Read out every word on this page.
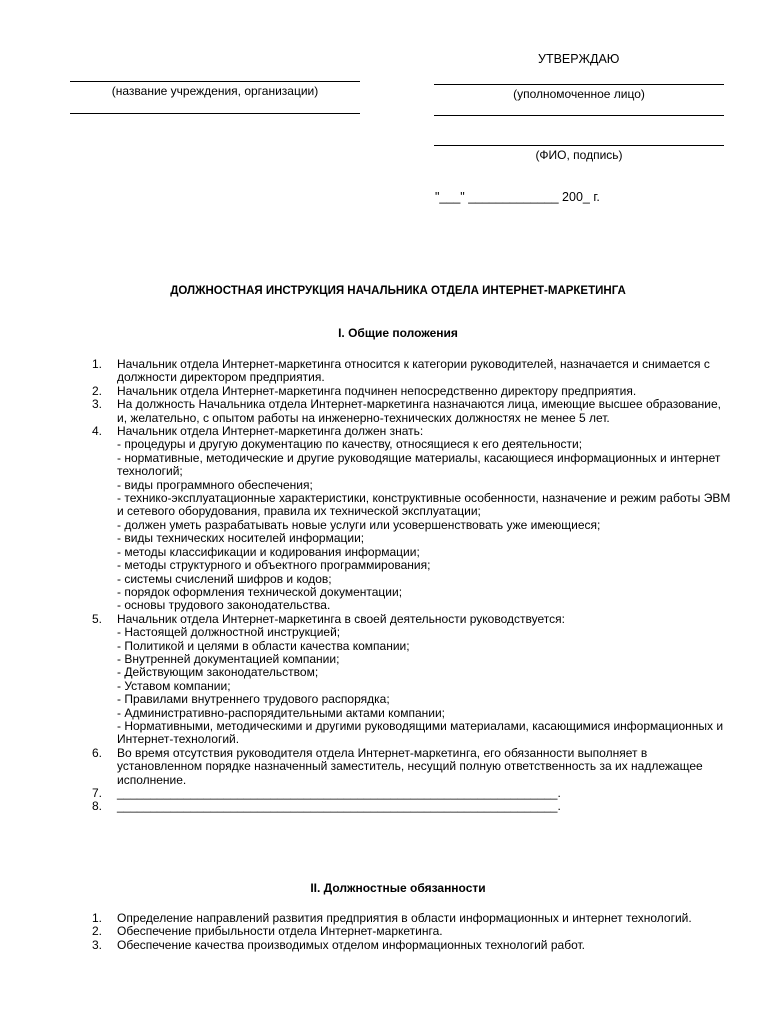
УТВЕРЖДАЮ
(название учреждения, организации)	(уполномоченное лицо)
(ФИО, подпись)
"___" _____________ 200_ г.
ДОЛЖНОСТНАЯ ИНСТРУКЦИЯ НАЧАЛЬНИКА ОТДЕЛА ИНТЕРНЕТ-МАРКЕТИНГА
I. Общие положения
1.	Начальник отдела Интернет-маркетинга относится к категории руководителей, назначается и снимается с должности директором предприятия.
2.	Начальник отдела Интернет-маркетинга подчинен непосредственно директору предприятия.
3.	На должность Начальника отдела Интернет-маркетинга назначаются лица, имеющие высшее образование, и, желательно, с опытом работы на инженерно-технических должностях не менее 5 лет.
4.	Начальник отдела Интернет-маркетинга должен знать:
- процедуры и другую документацию по качеству, относящиеся к его деятельности;
- нормативные, методические и другие руководящие материалы, касающиеся информационных и интернет технологий;
- виды программного обеспечения;
- технико-эксплуатационные характеристики, конструктивные особенности, назначение и режим работы ЭВМ и сетевого оборудования, правила их технической эксплуатации;
- должен уметь разрабатывать новые услуги или усовершенствовать уже имеющиеся;
- виды технических носителей информации;
- методы классификации и кодирования информации;
- методы структурного и объектного программирования;
- системы счислений шифров и кодов;
- порядок оформления технической документации;
- основы трудового законодательства.
5.	Начальник отдела Интернет-маркетинга в своей деятельности руководствуется:
- Настоящей должностной инструкцией;
- Политикой и целями в области качества компании;
- Внутренней документацией компании;
- Действующим законодательством;
- Уставом компании;
- Правилами внутреннего трудового распорядка;
- Административно-распорядительными актами компании;
- Нормативными, методическими и другими руководящими материалами, касающимися информационных и Интернет-технологий.
6.	Во время отсутствия руководителя отдела Интернет-маркетинга, его обязанности выполняет в установленном порядке назначенный заместитель, несущий полную ответственность за их надлежащее исполнение.
7.	__________________________________________________________________.
8.	__________________________________________________________________.
II. Должностные обязанности
1.	Определение направлений развития предприятия в области информационных и интернет технологий.
2.	Обеспечение прибыльности отдела Интернет-маркетинга.
3.	Обеспечение качества производимых отделом информационных технологий работ.
